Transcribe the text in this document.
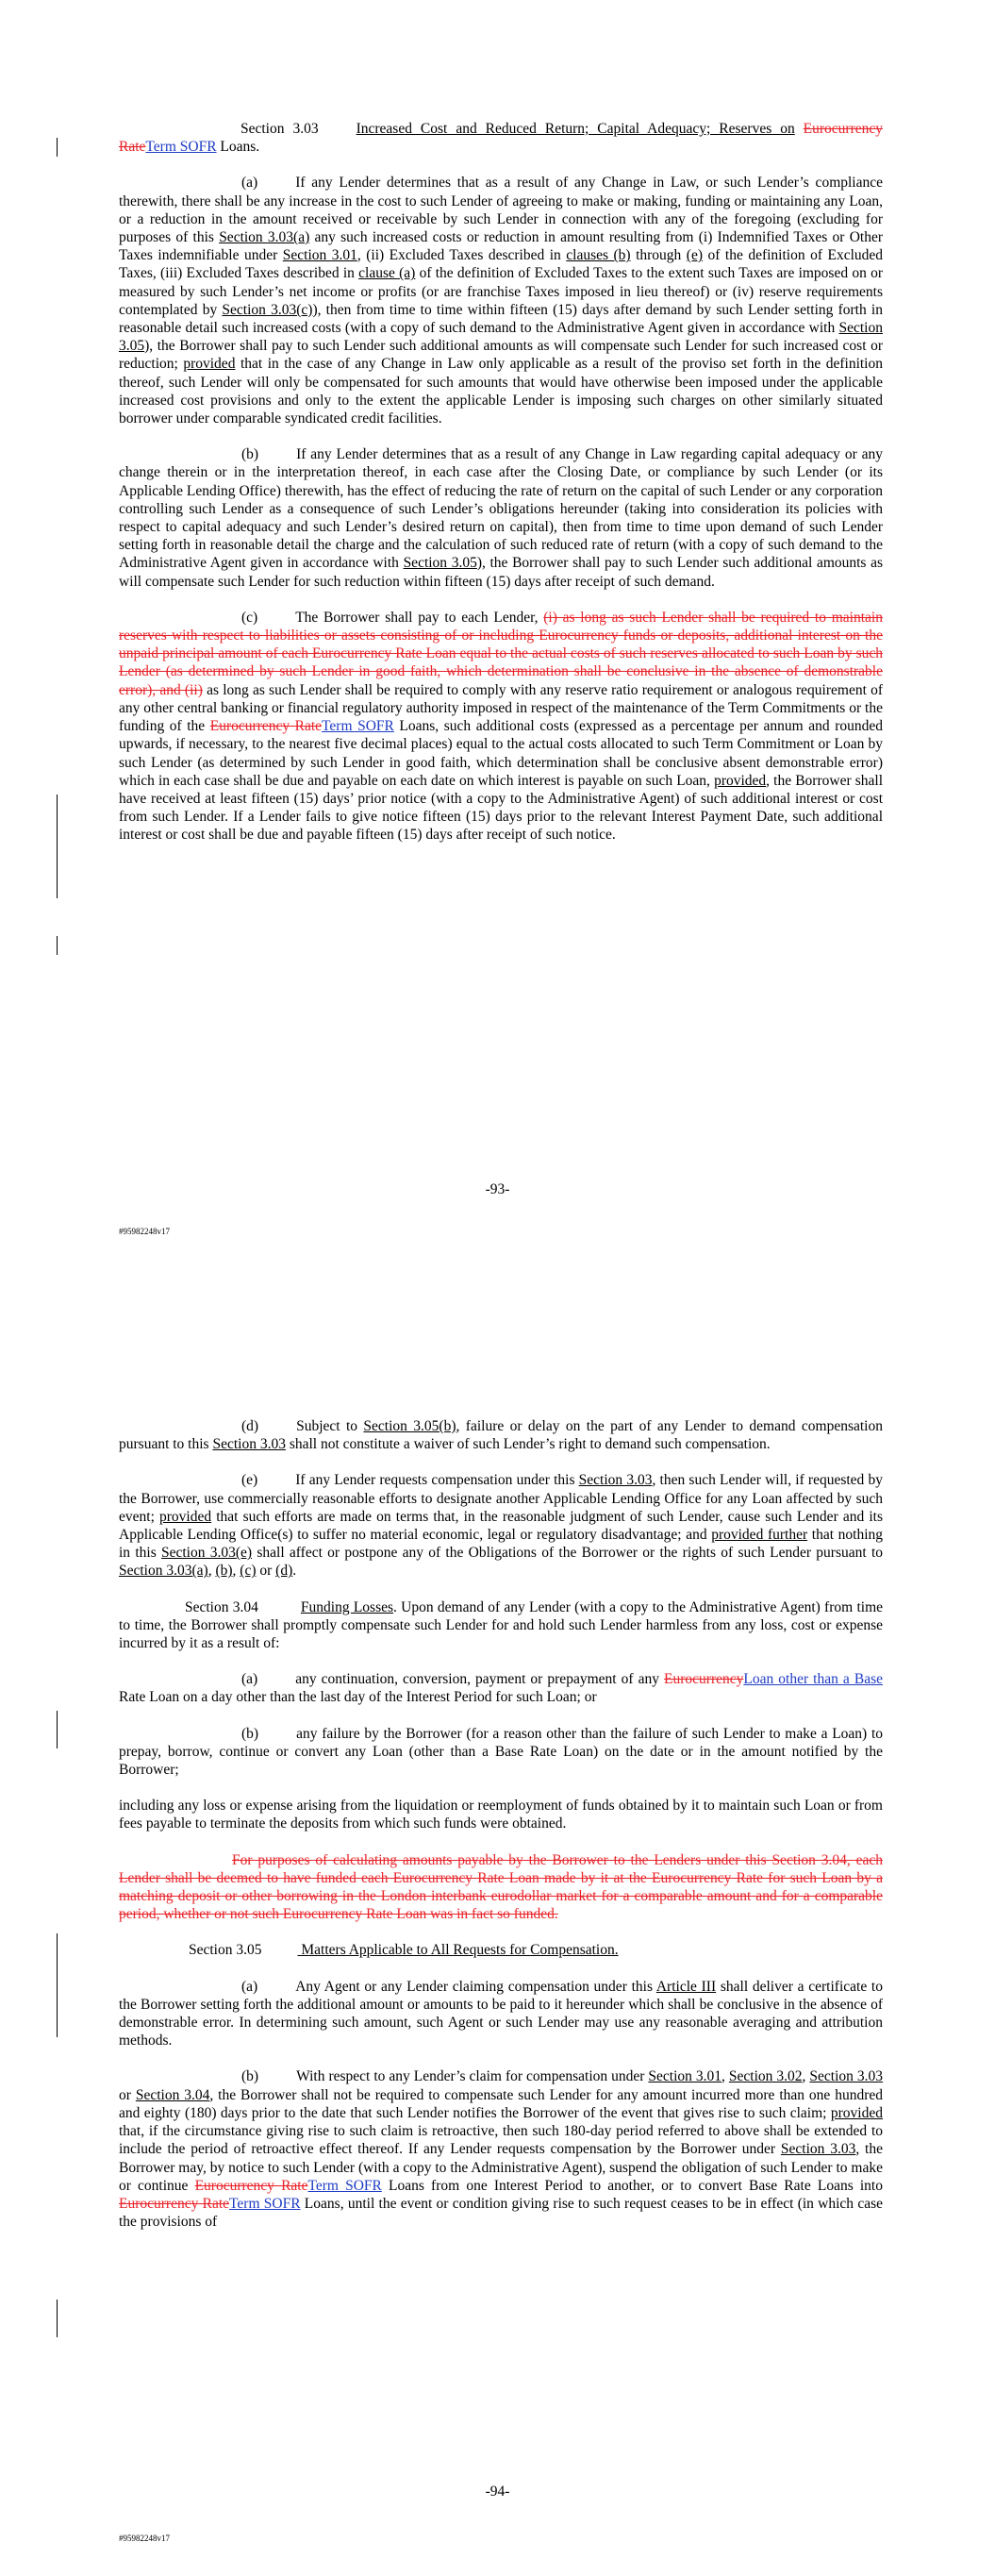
Section 3.03	Increased Cost and Reduced Return; Capital Adequacy; Reserves on Eurocurrency RateTerm SOFR Loans.

(a)	If any Lender determines that as a result of any Change in Law, or such Lender’s compliance therewith, there shall be any increase in the cost to such Lender of agreeing to make or making, funding or maintaining any Loan, or a reduction in the amount received or receivable by such Lender in connection with any of the foregoing (excluding for purposes of this Section 3.03(a) any such increased costs or reduction in amount resulting from (i) Indemnified Taxes or Other Taxes indemnifiable under Section 3.01, (ii) Excluded Taxes described in clauses (b) through (e) of the definition of Excluded Taxes, (iii) Excluded Taxes described in clause (a) of the definition of Excluded Taxes to the extent such Taxes are imposed on or measured by such Lender’s net income or profits (or are franchise Taxes imposed in lieu thereof) or (iv) reserve requirements contemplated by Section 3.03(c)), then from time to time within fifteen (15) days after demand by such Lender setting forth in reasonable detail such increased costs (with a copy of such demand to the Administrative Agent given in accordance with Section 3.05), the Borrower shall pay to such Lender such additional amounts as will compensate such Lender for such increased cost or reduction; provided that in the case of any Change in Law only applicable as a result of the proviso set forth in the definition thereof, such Lender will only be compensated for such amounts that would have otherwise been imposed under the applicable increased cost provisions and only to the extent the applicable Lender is imposing such charges on other similarly situated borrower under comparable syndicated credit facilities.

(b)	If any Lender determines that as a result of any Change in Law regarding capital adequacy or any change therein or in the interpretation thereof, in each case after the Closing Date, or compliance by such Lender (or its Applicable Lending Office) therewith, has the effect of reducing the rate of return on the capital of such Lender or any corporation controlling such Lender as a consequence of such Lender’s obligations hereunder (taking into consideration its policies with respect to capital adequacy and such Lender’s desired return on capital), then from time to time upon demand of such Lender setting forth in reasonable detail the charge and the calculation of such reduced rate of return (with a copy of such demand to the Administrative Agent given in accordance with Section 3.05), the Borrower shall pay to such Lender such additional amounts as will compensate such Lender for such reduction within fifteen (15) days after receipt of such demand.

(c)	The Borrower shall pay to each Lender, (i) as long as such Lender shall be required to maintain reserves with respect to liabilities or assets consisting of or including Eurocurrency funds or deposits, additional interest on the unpaid principal amount of each Eurocurrency Rate Loan equal to the actual costs of such reserves allocated to such Loan by such Lender (as determined by such Lender in good faith, which determination shall be conclusive in the absence of demonstrable error), and (ii) as long as such Lender shall be required to comply with any reserve ratio requirement or analogous requirement of any other central banking or financial regulatory authority imposed in respect of the maintenance of the Term Commitments or the funding of the Eurocurrency RateTerm SOFR Loans, such additional costs (expressed as a percentage per annum and rounded upwards, if necessary, to the nearest five decimal places) equal to the actual costs allocated to such Term Commitment or Loan by such Lender (as determined by such Lender in good faith, which determination shall be conclusive absent demonstrable error) which in each case shall be due and payable on each date on which interest is payable on such Loan, provided, the Borrower shall have received at least fifteen (15) days’ prior notice (with a copy to the Administrative Agent) of such additional interest or cost from such Lender. If a Lender fails to give notice fifteen (15) days prior to the relevant Interest Payment Date, such additional interest or cost shall be due and payable fifteen (15) days after receipt of such notice.

-93-
#95982248v17

(d)	Subject to Section 3.05(b), failure or delay on the part of any Lender to demand compensation pursuant to this Section 3.03 shall not constitute a waiver of such Lender’s right to demand such compensation.

(e)	If any Lender requests compensation under this Section 3.03, then such Lender will, if requested by the Borrower, use commercially reasonable efforts to designate another Applicable Lending Office for any Loan affected by such event; provided that such efforts are made on terms that, in the reasonable judgment of such Lender, cause such Lender and its Applicable Lending Office(s) to suffer no material economic, legal or regulatory disadvantage; and provided further that nothing in this Section 3.03(e) shall affect or postpone any of the Obligations of the Borrower or the rights of such Lender pursuant to Section 3.03(a), (b), (c) or (d).

Section 3.04	Funding Losses. Upon demand of any Lender (with a copy to the Administrative Agent) from time to time, the Borrower shall promptly compensate such Lender for and hold such Lender harmless from any loss, cost or expense incurred by it as a result of:

(a)	any continuation, conversion, payment or prepayment of any EurocurrencyLoan other than a Base Rate Loan on a day other than the last day of the Interest Period for such Loan; or

(b)	any failure by the Borrower (for a reason other than the failure of such Lender to make a Loan) to prepay, borrow, continue or convert any Loan (other than a Base Rate Loan) on the date or in the amount notified by the Borrower;

including any loss or expense arising from the liquidation or reemployment of funds obtained by it to maintain such Loan or from fees payable to terminate the deposits from which such funds were obtained.

For purposes of calculating amounts payable by the Borrower to the Lenders under this Section 3.04, each Lender shall be deemed to have funded each Eurocurrency Rate Loan made by it at the Eurocurrency Rate for such Loan by a matching deposit or other borrowing in the London interbank eurodollar market for a comparable amount and for a comparable period, whether or not such Eurocurrency Rate Loan was in fact so funded.

Section 3.05 Matters Applicable to All Requests for Compensation.

(a)	Any Agent or any Lender claiming compensation under this Article III shall deliver a certificate to the Borrower setting forth the additional amount or amounts to be paid to it hereunder which shall be conclusive in the absence of demonstrable error. In determining such amount, such Agent or such Lender may use any reasonable averaging and attribution methods.

(b)	With respect to any Lender’s claim for compensation under Section 3.01, Section 3.02, Section 3.03 or Section 3.04, the Borrower shall not be required to compensate such Lender for any amount incurred more than one hundred and eighty (180) days prior to the date that such Lender notifies the Borrower of the event that gives rise to such claim; provided that, if the circumstance giving rise to such claim is retroactive, then such 180-day period referred to above shall be extended to include the period of retroactive effect thereof. If any Lender requests compensation by the Borrower under Section 3.03, the Borrower may, by notice to such Lender (with a copy to the Administrative Agent), suspend the obligation of such Lender to make or continue Eurocurrency RateTerm SOFR Loans from one Interest Period to another, or to convert Base Rate Loans into Eurocurrency RateTerm SOFR Loans, until the event or condition giving rise to such request ceases to be in effect (in which case the provisions of

-94-
#95982248v17
